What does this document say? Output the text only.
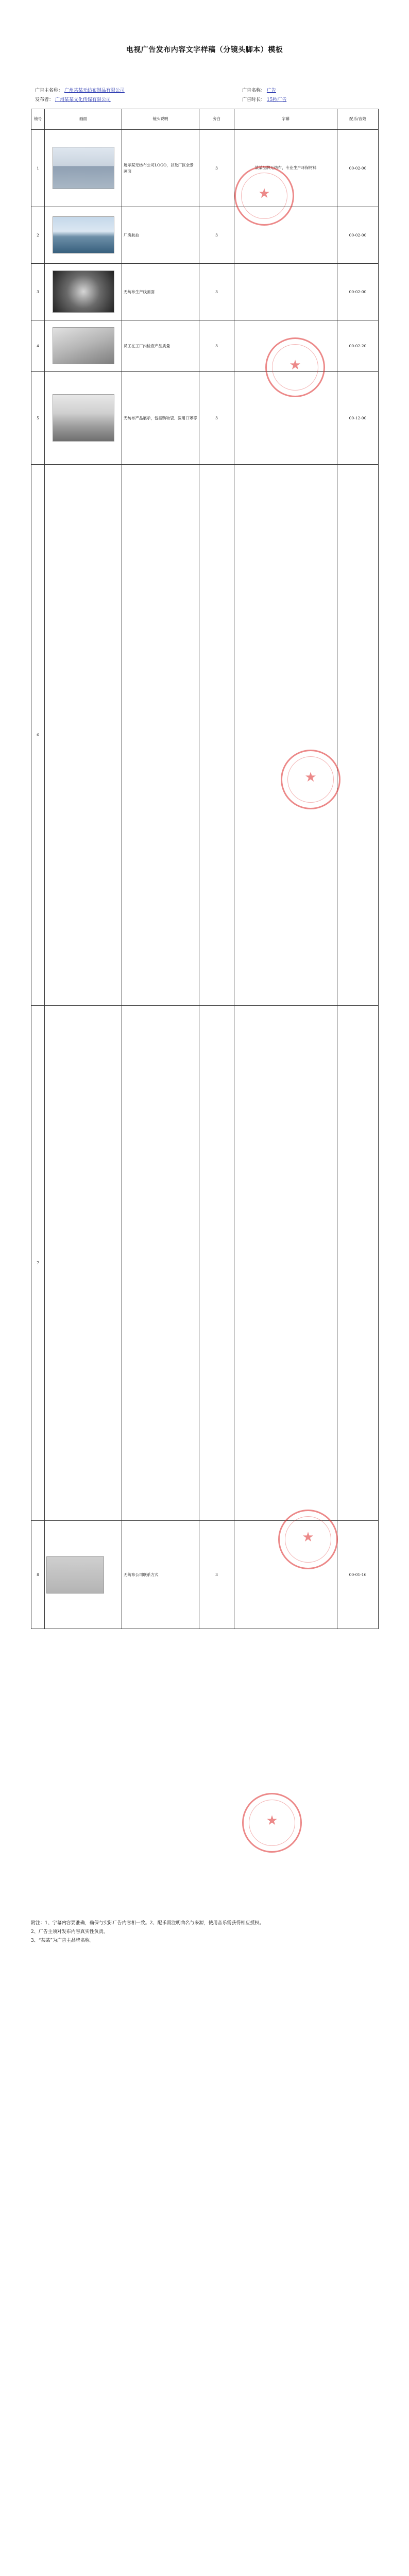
电视广告发布内容文字样稿（分镜头脚本）模板
广告主名称： 广州某某无纺布制品有限公司	广告名称： 广告
发布者： 广州某某文化传媒有限公司	广告时长： 15秒广告
镜号	画面	镜头说明	旁白	字幕	配乐/音效
1		展示某无纺布公司LOGO，以及厂区全景画面	3	某某品牌无纺布，专业生产环保材料	00-02-00
2		厂房航拍	3		00-02-00
3		无纺布生产线画面	3		00-02-00
4		员工在工厂内检查产品质量	3		00-02-20
5		无纺布产品展示，包括购物袋、医用口罩等	3		00-12-00
6					
7					
8		无纺布公司联系方式	3		00-01-16
★
★
★
★
★
附注：1、字幕内容要准确，确保与实际广告内容相一致。2、配乐需注明曲名与来源，使用音乐需获得相应授权。
2、广告主须对发布内容真实性负责。
3、“某某”为广告主品牌名称。
